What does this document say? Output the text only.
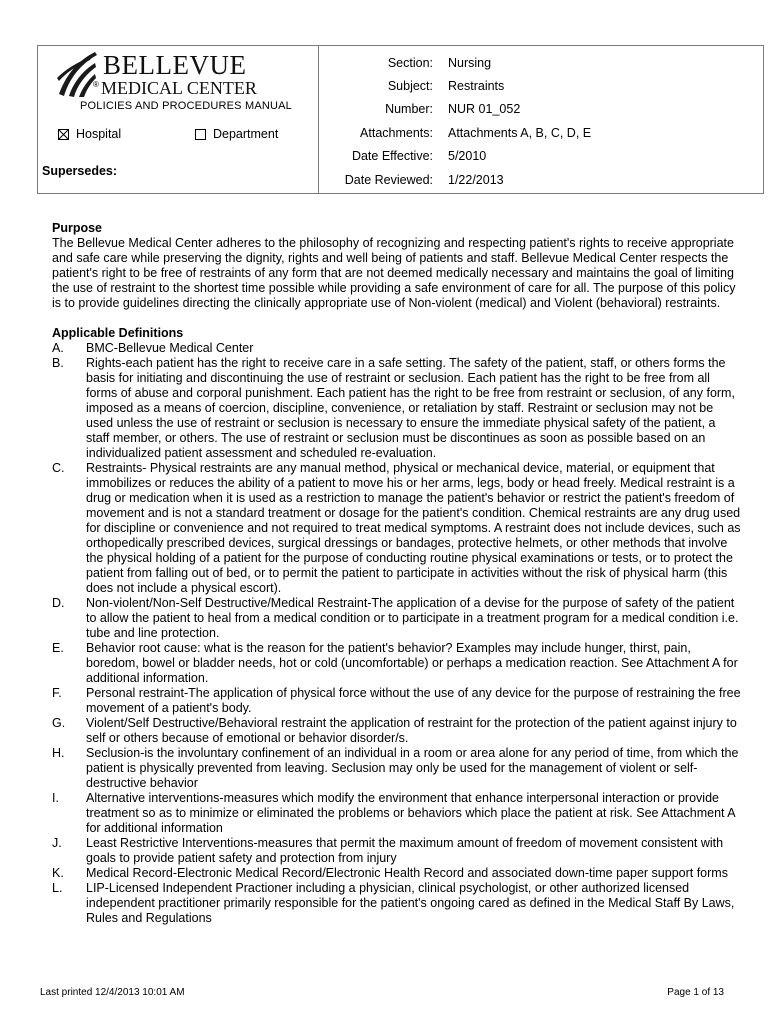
BELLEVUE
® MEDICAL CENTER
POLICIES AND PROCEDURES MANUAL
Hospital	Department
Supersedes:
Section: Nursing
Subject: Restraints
Number: NUR 01_052
Attachments: Attachments A, B, C, D, E
Date Effective: 5/2010
Date Reviewed: 1/22/2013
Purpose

The Bellevue Medical Center adheres to the philosophy of recognizing and respecting patient's rights to receive appropriate and safe care while preserving the dignity, rights and well being of patients and staff. Bellevue Medical Center respects the patient's right to be free of restraints of any form that are not deemed medically necessary and maintains the goal of limiting the use of restraint to the shortest time possible while providing a safe environment of care for all. The purpose of this policy is to provide guidelines directing the clinically appropriate use of Non-violent (medical) and Violent (behavioral) restraints.

Applicable Definitions
A.	BMC-Bellevue Medical Center
B.	Rights-each patient has the right to receive care in a safe setting. The safety of the patient, staff, or others forms the basis for initiating and discontinuing the use of restraint or seclusion. Each patient has the right to be free from all forms of abuse and corporal punishment. Each patient has the right to be free from restraint or seclusion, of any form, imposed as a means of coercion, discipline, convenience, or retaliation by staff. Restraint or seclusion may not be used unless the use of restraint or seclusion is necessary to ensure the immediate physical safety of the patient, a staff member, or others. The use of restraint or seclusion must be discontinues as soon as possible based on an individualized patient assessment and scheduled re-evaluation.
C.	Restraints- Physical restraints are any manual method, physical or mechanical device, material, or equipment that immobilizes or reduces the ability of a patient to move his or her arms, legs, body or head freely. Medical restraint is a drug or medication when it is used as a restriction to manage the patient's behavior or restrict the patient's freedom of movement and is not a standard treatment or dosage for the patient's condition. Chemical restraints are any drug used for discipline or convenience and not required to treat medical symptoms. A restraint does not include devices, such as orthopedically prescribed devices, surgical dressings or bandages, protective helmets, or other methods that involve the physical holding of a patient for the purpose of conducting routine physical examinations or tests, or to protect the patient from falling out of bed, or to permit the patient to participate in activities without the risk of physical harm (this does not include a physical escort).
D.	Non-violent/Non-Self Destructive/Medical Restraint-The application of a devise for the purpose of safety of the patient to allow the patient to heal from a medical condition or to participate in a treatment program for a medical condition i.e. tube and line protection.
E.	Behavior root cause: what is the reason for the patient's behavior? Examples may include hunger, thirst, pain, boredom, bowel or bladder needs, hot or cold (uncomfortable) or perhaps a medication reaction. See Attachment A for additional information.
F.	Personal restraint-The application of physical force without the use of any device for the purpose of restraining the free movement of a patient's body.
G.	Violent/Self Destructive/Behavioral restraint the application of restraint for the protection of the patient against injury to self or others because of emotional or behavior disorder/s.
H.	Seclusion-is the involuntary confinement of an individual in a room or area alone for any period of time, from which the patient is physically prevented from leaving. Seclusion may only be used for the management of violent or self-destructive behavior
I.	Alternative interventions-measures which modify the environment that enhance interpersonal interaction or provide treatment so as to minimize or eliminated the problems or behaviors which place the patient at risk. See Attachment A for additional information
J.	Least Restrictive Interventions-measures that permit the maximum amount of freedom of movement consistent with goals to provide patient safety and protection from injury
K.	Medical Record-Electronic Medical Record/Electronic Health Record and associated down-time paper support forms
L.	LIP-Licensed Independent Practioner including a physician, clinical psychologist, or other authorized licensed independent practitioner primarily responsible for the patient's ongoing cared as defined in the Medical Staff By Laws, Rules and Regulations
Last printed 12/4/2013 10:01 AM	Page 1 of 13
